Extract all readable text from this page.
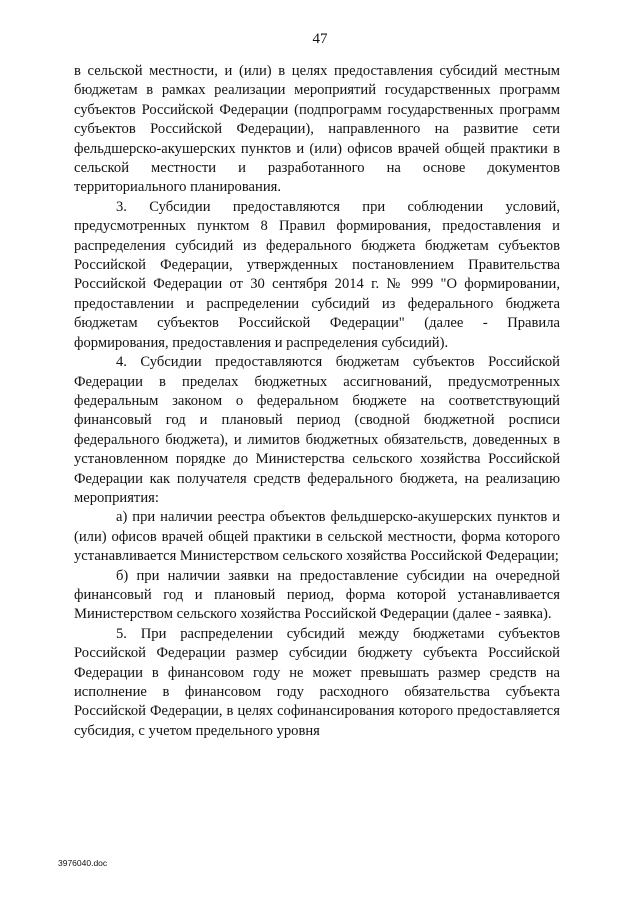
47

в сельской местности, и (или) в целях предоставления субсидий местным бюджетам в рамках реализации мероприятий государственных программ субъектов Российской Федерации (подпрограмм государственных программ субъектов Российской Федерации), направленного на развитие сети фельдшерско-акушерских пунктов и (или) офисов врачей общей практики в сельской местности и разработанного на основе документов территориального планирования.

3. Субсидии предоставляются при соблюдении условий, предусмотренных пунктом 8 Правил формирования, предоставления и распределения субсидий из федерального бюджета бюджетам субъектов Российской Федерации, утвержденных постановлением Правительства Российской Федерации от 30 сентября 2014 г. № 999 "О формировании, предоставлении и распределении субсидий из федерального бюджета бюджетам субъектов Российской Федерации" (далее - Правила формирования, предоставления и распределения субсидий).

4. Субсидии предоставляются бюджетам субъектов Российской Федерации в пределах бюджетных ассигнований, предусмотренных федеральным законом о федеральном бюджете на соответствующий финансовый год и плановый период (сводной бюджетной росписи федерального бюджета), и лимитов бюджетных обязательств, доведенных в установленном порядке до Министерства сельского хозяйства Российской Федерации как получателя средств федерального бюджета, на реализацию мероприятия:

а) при наличии реестра объектов фельдшерско-акушерских пунктов и (или) офисов врачей общей практики в сельской местности, форма которого устанавливается Министерством сельского хозяйства Российской Федерации;

б) при наличии заявки на предоставление субсидии на очередной финансовый год и плановый период, форма которой устанавливается Министерством сельского хозяйства Российской Федерации (далее - заявка).

5. При распределении субсидий между бюджетами субъектов Российской Федерации размер субсидии бюджету субъекта Российской Федерации в финансовом году не может превышать размер средств на исполнение в финансовом году расходного обязательства субъекта Российской Федерации, в целях софинансирования которого предоставляется субсидия, с учетом предельного уровня

3976040.doc
